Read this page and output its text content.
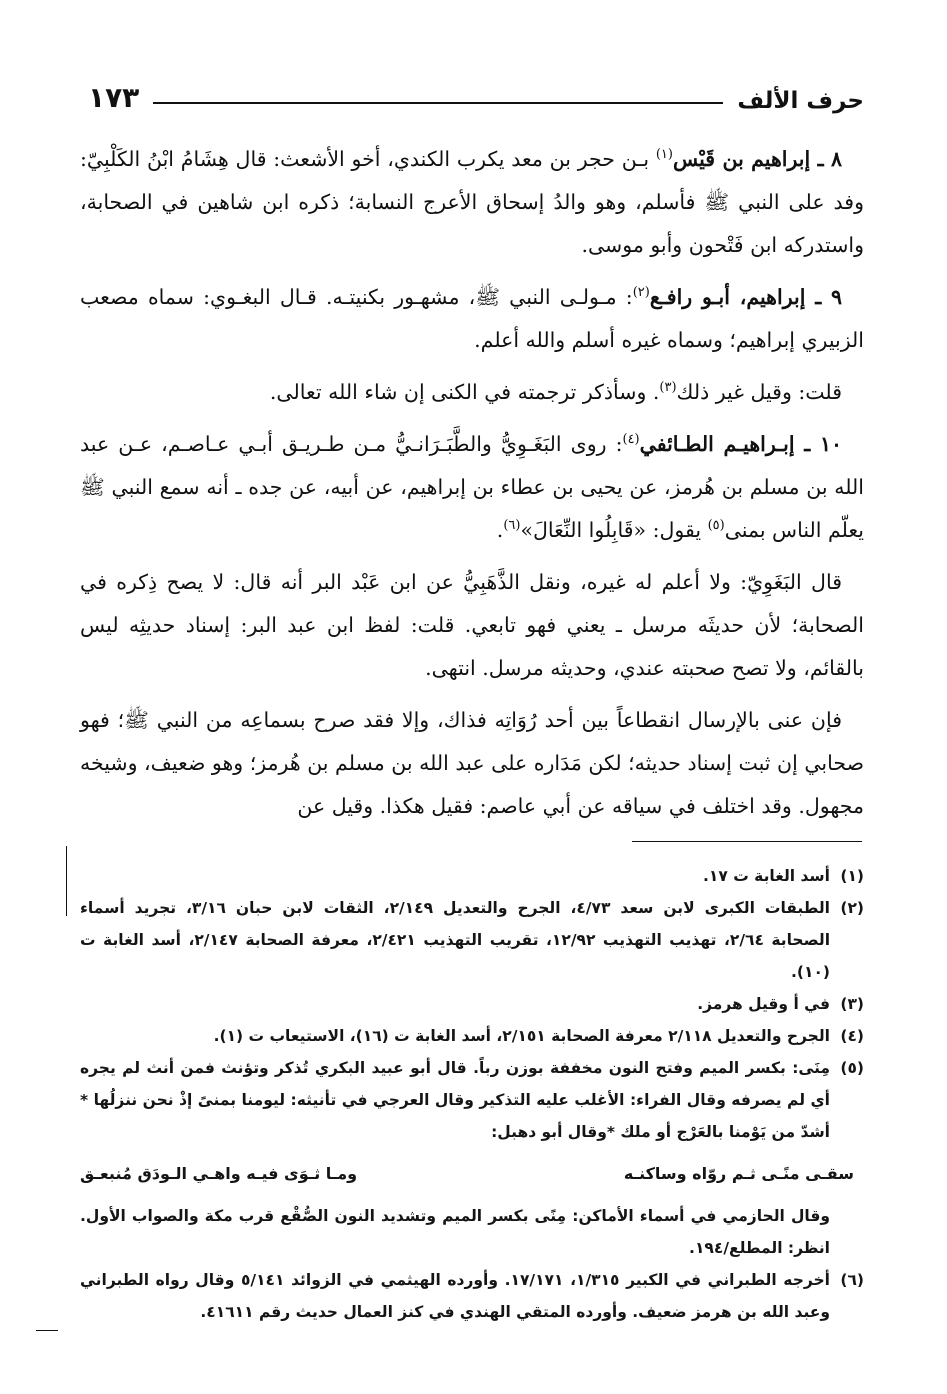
حرف الألف
١٧٣

٨ ـ إبراهيم بن قَيْس$^{(١)}$ بـن حجر بن معد يكرب الكندي، أخو الأشعث: قال هِشَامُ ابْنُ الكَلْبِيّ: وفد على النبي ﷺ فأسلم، وهو والدُ إسحاق الأعرج النسابة؛ ذكره ابن شاهين في الصحابة، واستدركه ابن فَتْحون وأبو موسى.

٩ ـ إبراهيم، أبـو رافـع$^{(٢)}$: مـولـى النبي ﷺ، مشهـور بكنيتـه. قـال البغـوي: سماه مصعب الزبيري إبراهيم؛ وسماه غيره أسلم والله أعلم.

قلت: وقيل غير ذلك$^{(٣)}$. وسأذكر ترجمته في الكنى إن شاء الله تعالى.

١٠ ـ إبـراهيـم الطـائفي$^{(٤)}$: روى البَغَـوِيُّ والطَّبَـرَانـيُّ مـن طـريـق أبـي عـاصـم، عـن عبد الله بن مسلم بن هُرمز، عن يحيى بن عطاء بن إبراهيم، عن أبيه، عن جده ـ أنه سمع النبي ﷺ يعلّم الناس بمنى$^{(٥)}$ يقول: «قَابِلُوا النِّعَالَ»$^{(٦)}$.

قال البَغَوِيّ: ولا أعلم له غيره، ونقل الذَّهَبِيُّ عن ابن عَبْد البر أنه قال: لا يصح ذِكره في الصحابة؛ لأن حديثَه مرسل ـ يعني فهو تابعي. قلت: لفظ ابن عبد البر: إسناد حديثِه ليس بالقائم، ولا تصح صحبته عندي، وحديثه مرسل. انتهى.

فإن عنى بالإرسال انقطاعاً بين أحد رُوَاتِه فذاك، وإلا فقد صرح بسماعِه من النبي ﷺ؛ فهو صحابي إن ثبت إسناد حديثه؛ لكن مَدَاره على عبد الله بن مسلم بن هُرمز؛ وهو ضعيف، وشيخه مجهول. وقد اختلف في سياقه عن أبي عاصم: فقيل هكذا. وقيل عن

(١)
أسد الغابة ت ١٧.
(٢)
الطبقات الكبرى لابن سعد ٤/٧٣، الجرح والتعديل ٢/١٤٩، الثقات لابن حبان ٣/١٦، تجريد أسماء الصحابة ٢/٦٤، تهذيب التهذيب ١٢/٩٢، تقريب التهذيب ٢/٤٢١، معرفة الصحابة ٢/١٤٧، أسد الغابة ت (١٠).
(٣)
في أ وقيل هرمز.
(٤)
الجرح والتعديل ٢/١١٨ معرفة الصحابة ٢/١٥١، أسد الغابة ت (١٦)، الاستيعاب ت (١).
(٥)
مِنَى: بكسر الميم وفتح النون مخففة بوزن رباً. قال أبو عبيد البكري تُذكر وتؤنث فمن أنث لم يجره أي لم يصرفه وقال الفراء: الأغلب عليه التذكير وقال العرجي في تأنيثه: ليومنا بمنىً إذْ نحن ننزلُها * أشدّ من يَوْمنا بالعَرْج أو ملك *وقال أبو دهبل:
سقـى منًـى ثـم روّاه وساكنـه
ومـا ثـوَى فيـه واهـي الـودَق مُنبعـق
وقال الحازمي في أسماء الأماكن: مِنًى بكسر الميم وتشديد النون الصُّقْع قرب مكة والصواب الأول. انظر: المطلع/١٩٤.
(٦)
أخرجه الطبراني في الكبير ١/٣١٥، ١٧/١٧١. وأورده الهيثمي في الزوائد ٥/١٤١ وقال رواه الطبراني وعبد الله بن هرمز ضعيف. وأورده المتقي الهندي في كنز العمال حديث رقم ٤١٦١١.
